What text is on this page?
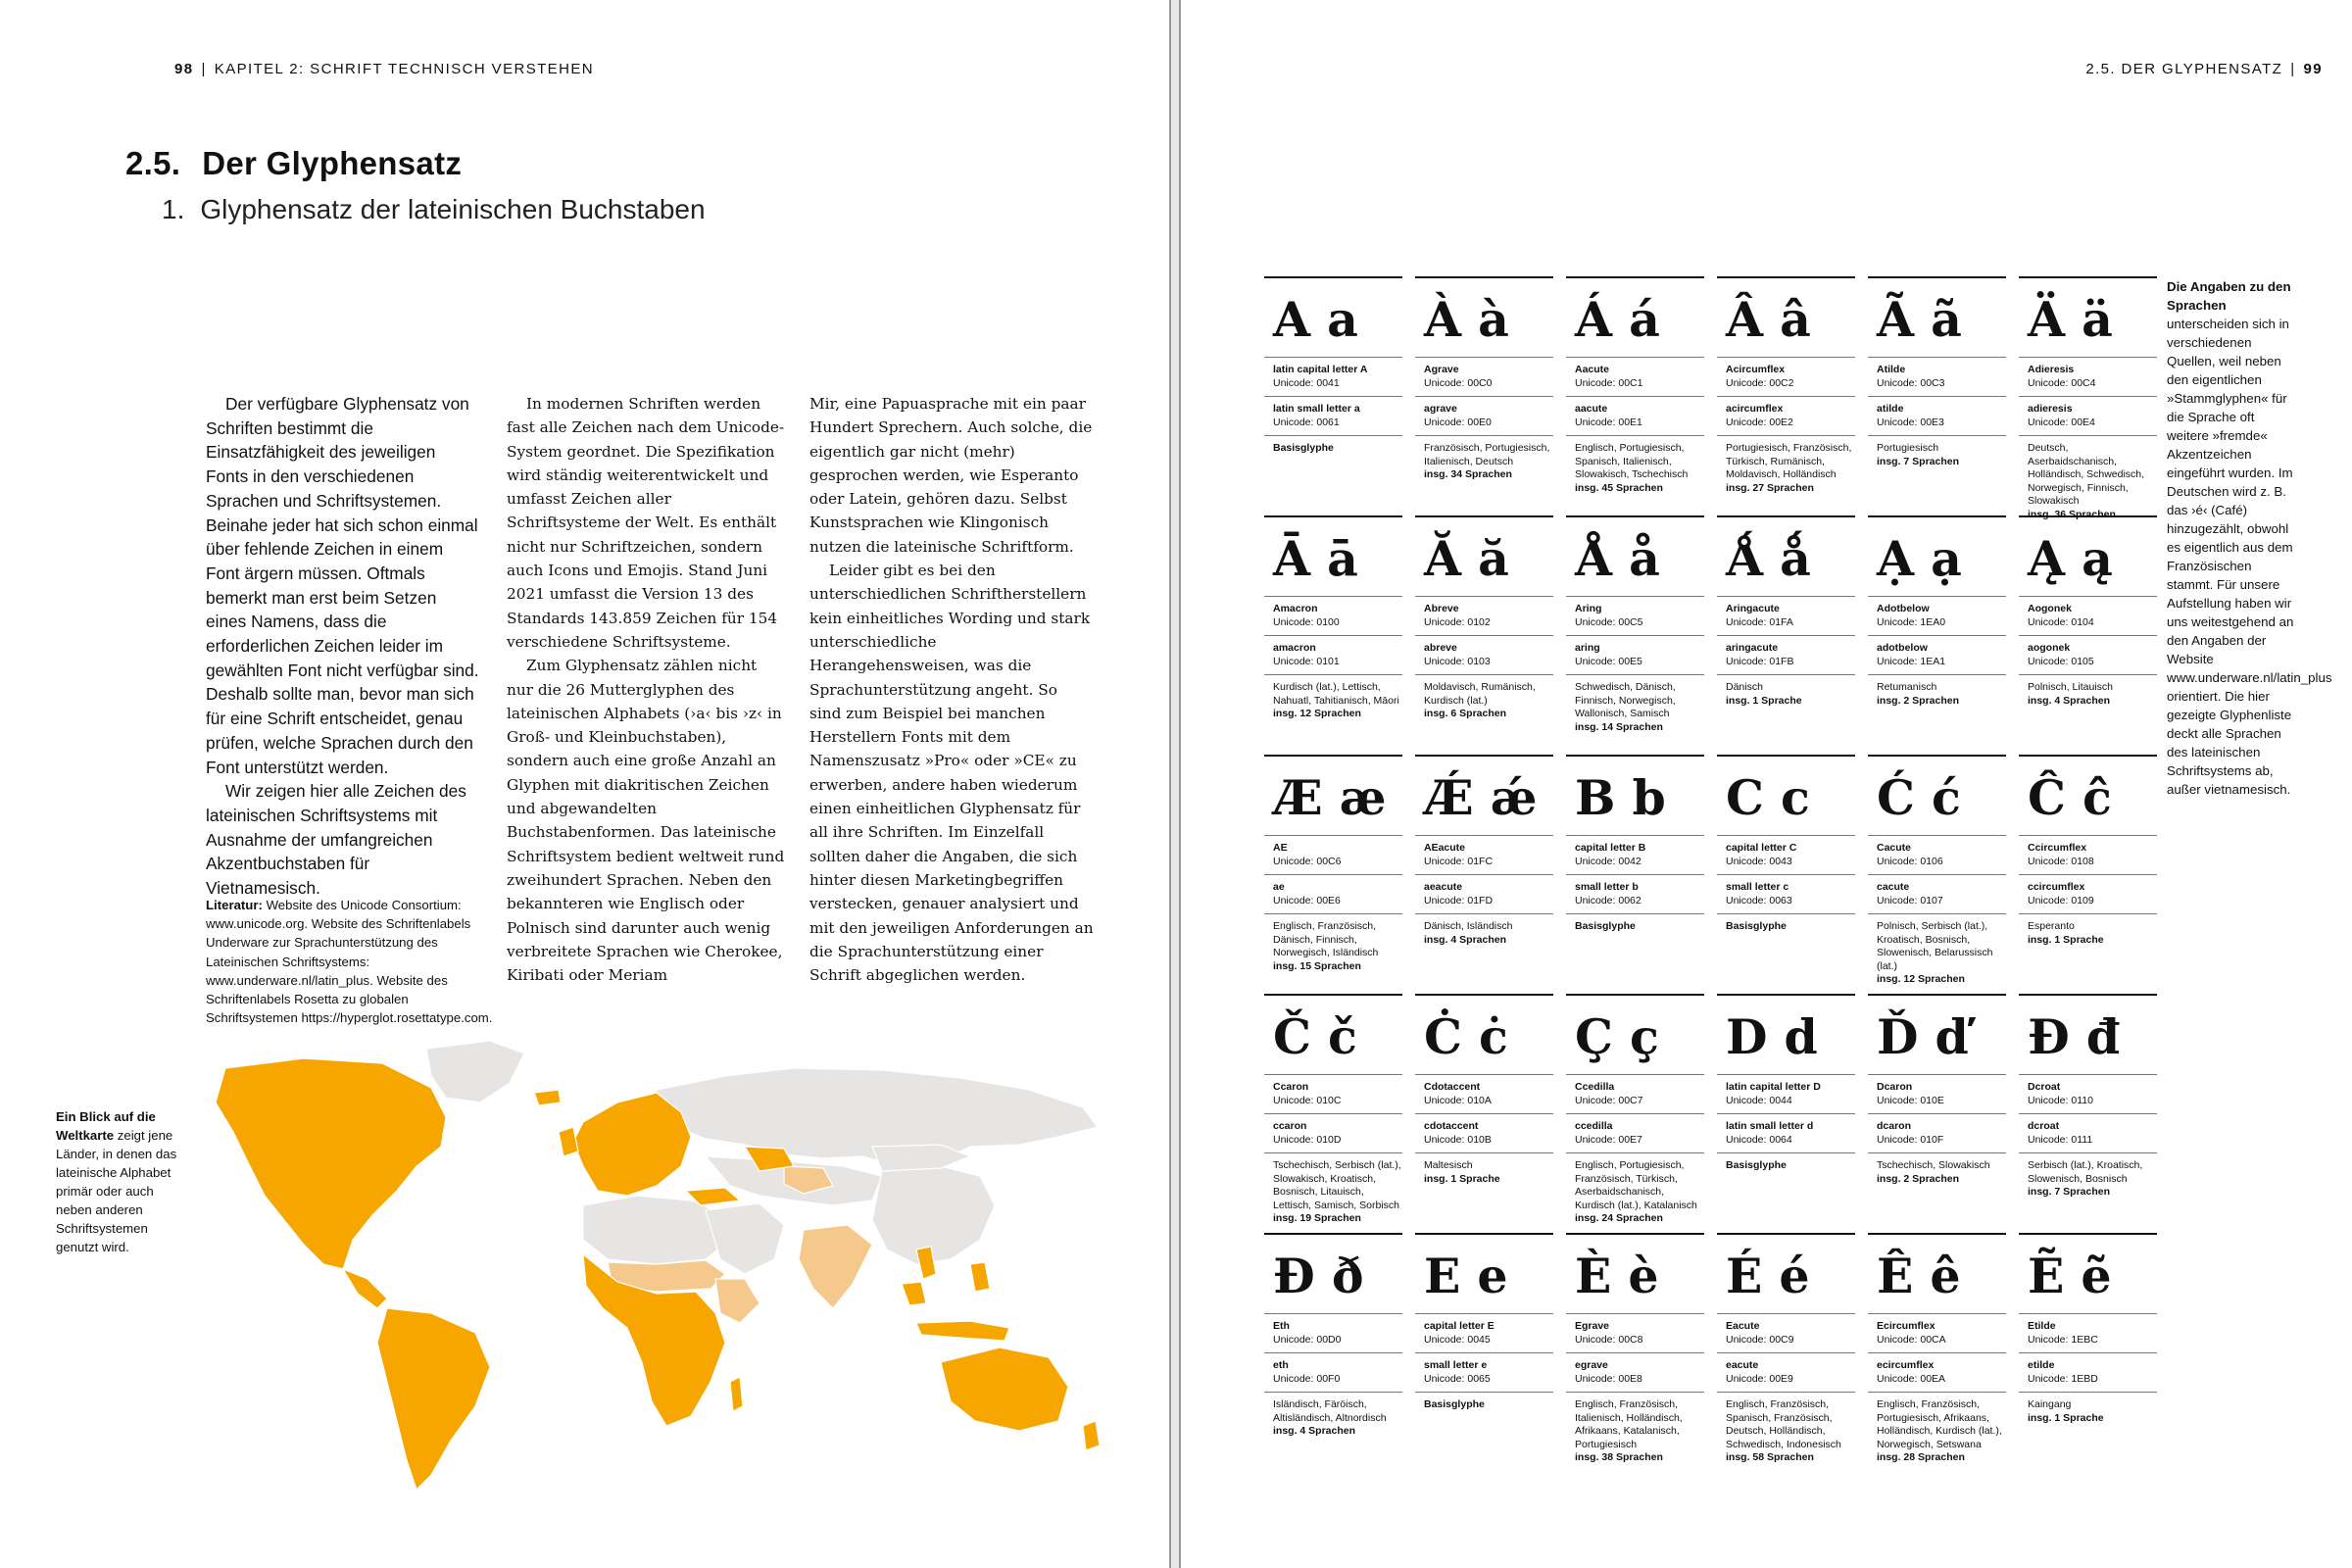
98 | KAPITEL 2: SCHRIFT TECHNISCH VERSTEHEN
2.5. Der Glyphensatz
1. Glyphensatz der lateinischen Buchstaben

Der verfügbare Glyphensatz von Schriften bestimmt die Einsatzfähigkeit des jeweiligen Fonts in den verschiedenen Sprachen und Schriftsystemen. Beinahe jeder hat sich schon einmal über fehlende Zeichen in einem Font ärgern müssen. Oftmals bemerkt man erst beim Setzen eines Namens, dass die erforderlichen Zeichen leider im gewählten Font nicht verfügbar sind. Deshalb sollte man, bevor man sich für eine Schrift entscheidet, genau prüfen, welche Sprachen durch den Font unterstützt werden.

Wir zeigen hier alle Zeichen des lateinischen Schriftsystems mit Ausnahme der umfangreichen Akzentbuchstaben für Vietnamesisch.

Literatur: Website des Unicode Consortium: www.unicode.org. Website des Schriftenlabels Underware zur Sprachunterstützung des Lateinischen Schriftsystems: www.underware.nl/latin_plus. Website des Schriftenlabels Rosetta zu globalen Schriftsystemen https://hyperglot.rosettatype.com.

In modernen Schriften werden fast alle Zeichen nach dem Unicode-System geordnet. Die Spezifikation wird ständig weiterentwickelt und umfasst Zeichen aller Schriftsysteme der Welt. Es enthält nicht nur Schriftzeichen, sondern auch Icons und Emojis. Stand Juni 2021 umfasst die Version 13 des Standards 143.859 Zeichen für 154 verschiedene Schriftsysteme.

Zum Glyphensatz zählen nicht nur die 26 Mutterglyphen des lateinischen Alphabets (›a‹ bis ›z‹ in Groß- und Kleinbuchstaben), sondern auch eine große Anzahl an Glyphen mit diakritischen Zeichen und abgewandelten Buchstabenformen. Das lateinische Schriftsystem bedient weltweit rund zweihundert Sprachen. Neben den bekannteren wie Englisch oder Polnisch sind darunter auch wenig verbreitete Sprachen wie Cherokee, Kiribati oder Meriam

Mir, eine Papuasprache mit ein paar Hundert Sprechern. Auch solche, die eigentlich gar nicht (mehr) gesprochen werden, wie Esperanto oder Latein, gehören dazu. Selbst Kunstsprachen wie Klingonisch nutzen die lateinische Schriftform.

Leider gibt es bei den unterschiedlichen Schriftherstellern kein einheitliches Wording und stark unterschiedliche Herangehensweisen, was die Sprachunterstützung angeht. So sind zum Beispiel bei manchen Herstellern Fonts mit dem Namenszusatz »Pro« oder »CE« zu erwerben, andere haben wiederum einen einheitlichen Glyphensatz für all ihre Schriften. Im Einzelfall sollten daher die Angaben, die sich hinter diesen Marketingbegriffen verstecken, genauer analysiert und mit den jeweiligen Anforderungen an die Sprachunterstützung einer Schrift abgeglichen werden.

Ein Blick auf die Weltkarte zeigt jene Länder, in denen das lateinische Alphabet primär oder auch neben anderen Schriftsystemen genutzt wird.
2.5. DER GLYPHENSATZ | 99
A a
latin capital letter A
Unicode: 0041
latin small letter a
Unicode: 0061
Basisglyphe
À à
Agrave
Unicode: 00C0
agrave
Unicode: 00E0
Französisch, Portugiesisch, Italienisch, Deutsch
insg. 34 Sprachen
Á á
Aacute
Unicode: 00C1
aacute
Unicode: 00E1
Englisch, Portugiesisch, Spanisch, Italienisch, Slowakisch, Tschechisch
insg. 45 Sprachen
Â â
Acircumflex
Unicode: 00C2
acircumflex
Unicode: 00E2
Portugiesisch, Französisch, Türkisch, Rumänisch, Moldavisch, Holländisch
insg. 27 Sprachen
Ã ã
Atilde
Unicode: 00C3
atilde
Unicode: 00E3
Portugiesisch
insg. 7 Sprachen
Ä ä
Adieresis
Unicode: 00C4
adieresis
Unicode: 00E4
Deutsch, Aserbaidschanisch, Holländisch, Schwedisch, Norwegisch, Finnisch, Slowakisch
insg. 36 Sprachen
Ā ā
Amacron
Unicode: 0100
amacron
Unicode: 0101
Kurdisch (lat.), Lettisch, Nahuatl, Tahitianisch, Māori
insg. 12 Sprachen
Ă ă
Abreve
Unicode: 0102
abreve
Unicode: 0103
Moldavisch, Rumänisch, Kurdisch (lat.)
insg. 6 Sprachen
Å å
Aring
Unicode: 00C5
aring
Unicode: 00E5
Schwedisch, Dänisch, Finnisch, Norwegisch, Wallonisch, Samisch
insg. 14 Sprachen
Ǻ ǻ
Aringacute
Unicode: 01FA
aringacute
Unicode: 01FB
Dänisch
insg. 1 Sprache
Ạ ạ
Adotbelow
Unicode: 1EA0
adotbelow
Unicode: 1EA1
Retumanisch
insg. 2 Sprachen
Ą ą
Aogonek
Unicode: 0104
aogonek
Unicode: 0105
Polnisch, Litauisch
insg. 4 Sprachen
Æ æ
AE
Unicode: 00C6
ae
Unicode: 00E6
Englisch, Französisch, Dänisch, Finnisch, Norwegisch, Isländisch
insg. 15 Sprachen
Ǽ ǽ
AEacute
Unicode: 01FC
aeacute
Unicode: 01FD
Dänisch, Isländisch
insg. 4 Sprachen
B b
capital letter B
Unicode: 0042
small letter b
Unicode: 0062
Basisglyphe
C c
capital letter C
Unicode: 0043
small letter c
Unicode: 0063
Basisglyphe
Ć ć
Cacute
Unicode: 0106
cacute
Unicode: 0107
Polnisch, Serbisch (lat.), Kroatisch, Bosnisch, Slowenisch, Belarussisch (lat.)
insg. 12 Sprachen
Ĉ ĉ
Ccircumflex
Unicode: 0108
ccircumflex
Unicode: 0109
Esperanto
insg. 1 Sprache
Č č
Ccaron
Unicode: 010C
ccaron
Unicode: 010D
Tschechisch, Serbisch (lat.), Slowakisch, Kroatisch, Bosnisch, Litauisch, Lettisch, Samisch, Sorbisch
insg. 19 Sprachen
Ċ ċ
Cdotaccent
Unicode: 010A
cdotaccent
Unicode: 010B
Maltesisch
insg. 1 Sprache
Ç ç
Ccedilla
Unicode: 00C7
ccedilla
Unicode: 00E7
Englisch, Portugiesisch, Französisch, Türkisch, Aserbaidschanisch, Kurdisch (lat.), Katalanisch
insg. 24 Sprachen
D d
latin capital letter D
Unicode: 0044
latin small letter d
Unicode: 0064
Basisglyphe
Ď ď
Dcaron
Unicode: 010E
dcaron
Unicode: 010F
Tschechisch, Slowakisch
insg. 2 Sprachen
Đ đ
Dcroat
Unicode: 0110
dcroat
Unicode: 0111
Serbisch (lat.), Kroatisch, Slowenisch, Bosnisch
insg. 7 Sprachen
Đ ð
Eth
Unicode: 00D0
eth
Unicode: 00F0
Isländisch, Färöisch, Altisländisch, Altnordisch
insg. 4 Sprachen
E e
capital letter E
Unicode: 0045
small letter e
Unicode: 0065
Basisglyphe
È è
Egrave
Unicode: 00C8
egrave
Unicode: 00E8
Englisch, Französisch, Italienisch, Holländisch, Afrikaans, Katalanisch, Portugiesisch
insg. 38 Sprachen
É é
Eacute
Unicode: 00C9
eacute
Unicode: 00E9
Englisch, Französisch, Spanisch, Französisch, Deutsch, Holländisch, Schwedisch, Indonesisch
insg. 58 Sprachen
Ê ê
Ecircumflex
Unicode: 00CA
ecircumflex
Unicode: 00EA
Englisch, Französisch, Portugiesisch, Afrikaans, Holländisch, Kurdisch (lat.), Norwegisch, Setswana
insg. 28 Sprachen
Ẽ ẽ
Etilde
Unicode: 1EBC
etilde
Unicode: 1EBD
Kaingang
insg. 1 Sprache
Die Angaben zu den Sprachen unterscheiden sich in verschiedenen Quellen, weil neben den eigentlichen »Stammglyphen« für die Sprache oft weitere »fremde« Akzentzeichen eingeführt wurden. Im Deutschen wird z. B. das ›é‹ (Café) hinzugezählt, obwohl es eigentlich aus dem Französischen stammt. Für unsere Aufstellung haben wir uns weitestgehend an den Angaben der Website www.underware.nl/latin_plus orientiert. Die hier gezeigte Glyphenliste deckt alle Sprachen des lateinischen Schriftsystems ab, außer vietnamesisch.
